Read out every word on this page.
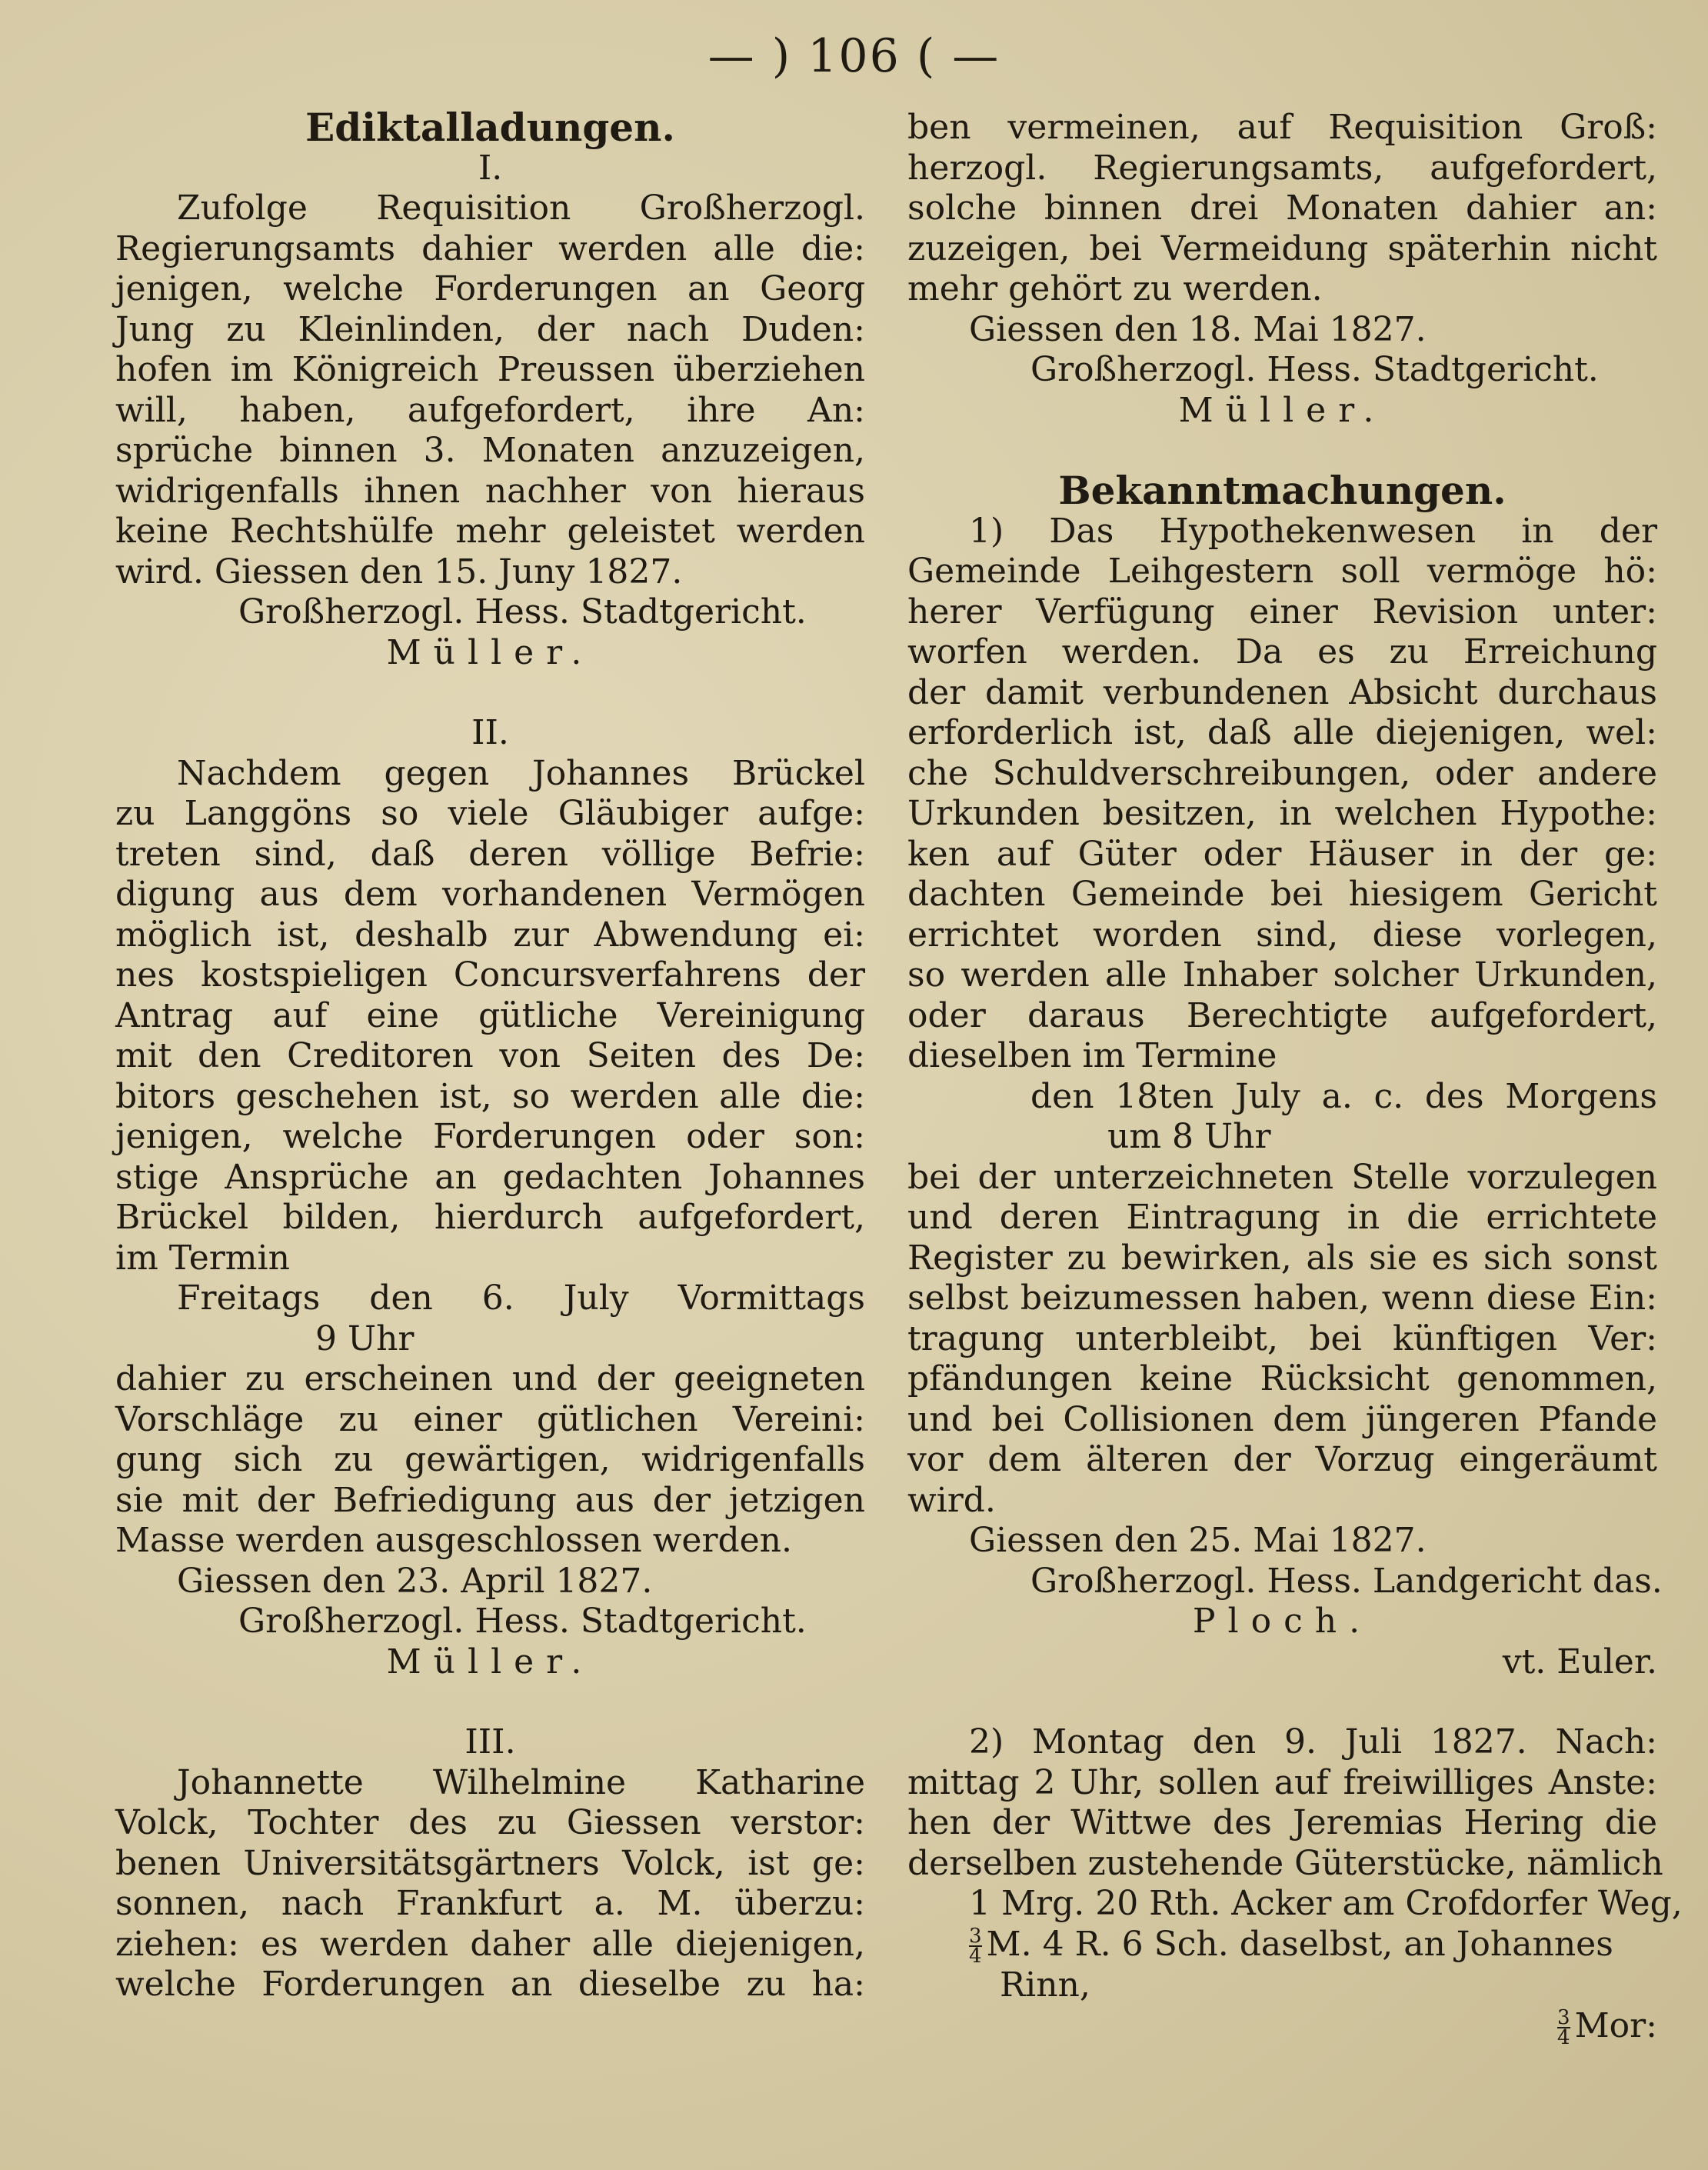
— ) 106 ( —
Ediktalladungen.
I.
Zufolge Requisition Großherzogl.
Regierungsamts dahier werden alle die:
jenigen, welche Forderungen an Georg
Jung zu Kleinlinden, der nach Duden:
hofen im Königreich Preussen überziehen
will, haben, aufgefordert, ihre An:
sprüche binnen 3. Monaten anzuzeigen,
widrigenfalls ihnen nachher von hieraus
keine Rechtshülfe mehr geleistet werden
wird. Giessen den 15. Juny 1827.
Großherzogl. Hess. Stadtgericht.
Müller.
II.
Nachdem gegen Johannes Brückel
zu Langgöns so viele Gläubiger aufge:
treten sind, daß deren völlige Befrie:
digung aus dem vorhandenen Vermögen
möglich ist, deshalb zur Abwendung ei:
nes kostspieligen Concursverfahrens der
Antrag auf eine gütliche Vereinigung
mit den Creditoren von Seiten des De:
bitors geschehen ist, so werden alle die:
jenigen, welche Forderungen oder son:
stige Ansprüche an gedachten Johannes
Brückel bilden, hierdurch aufgefordert,
im Termin
Freitags den 6. July Vormittags
9 Uhr
dahier zu erscheinen und der geeigneten
Vorschläge zu einer gütlichen Vereini:
gung sich zu gewärtigen, widrigenfalls
sie mit der Befriedigung aus der jetzigen
Masse werden ausgeschlossen werden.
Giessen den 23. April 1827.
Großherzogl. Hess. Stadtgericht.
Müller.
III.
Johannette Wilhelmine Katharine
Volck, Tochter des zu Giessen verstor:
benen Universitätsgärtners Volck, ist ge:
sonnen, nach Frankfurt a. M. überzu:
ziehen: es werden daher alle diejenigen,
welche Forderungen an dieselbe zu ha:
ben vermeinen, auf Requisition Groß:
herzogl. Regierungsamts, aufgefordert,
solche binnen drei Monaten dahier an:
zuzeigen, bei Vermeidung späterhin nicht
mehr gehört zu werden.
Giessen den 18. Mai 1827.
Großherzogl. Hess. Stadtgericht.
Müller.
Bekanntmachungen.
1) Das Hypothekenwesen in der
Gemeinde Leihgestern soll vermöge hö:
herer Verfügung einer Revision unter:
worfen werden. Da es zu Erreichung
der damit verbundenen Absicht durchaus
erforderlich ist, daß alle diejenigen, wel:
che Schuldverschreibungen, oder andere
Urkunden besitzen, in welchen Hypothe:
ken auf Güter oder Häuser in der ge:
dachten Gemeinde bei hiesigem Gericht
errichtet worden sind, diese vorlegen,
so werden alle Inhaber solcher Urkunden,
oder daraus Berechtigte aufgefordert,
dieselben im Termine
den 18ten July a. c. des Morgens
um 8 Uhr
bei der unterzeichneten Stelle vorzulegen
und deren Eintragung in die errichtete
Register zu bewirken, als sie es sich sonst
selbst beizumessen haben, wenn diese Ein:
tragung unterbleibt, bei künftigen Ver:
pfändungen keine Rücksicht genommen,
und bei Collisionen dem jüngeren Pfande
vor dem älteren der Vorzug eingeräumt
wird.
Giessen den 25. Mai 1827.
Großherzogl. Hess. Landgericht das.
Ploch.
vt. Euler.
2) Montag den 9. Juli 1827. Nach:
mittag 2 Uhr, sollen auf freiwilliges Anste:
hen der Wittwe des Jeremias Hering die
derselben zustehende Güterstücke, nämlich
1 Mrg. 20 Rth. Acker am Crofdorfer Weg,
$\frac{3}{4} M$. 4 R. 6 Sch. daselbst, an Johannes
Rinn,
$\frac{3}{4}$ Mor:
